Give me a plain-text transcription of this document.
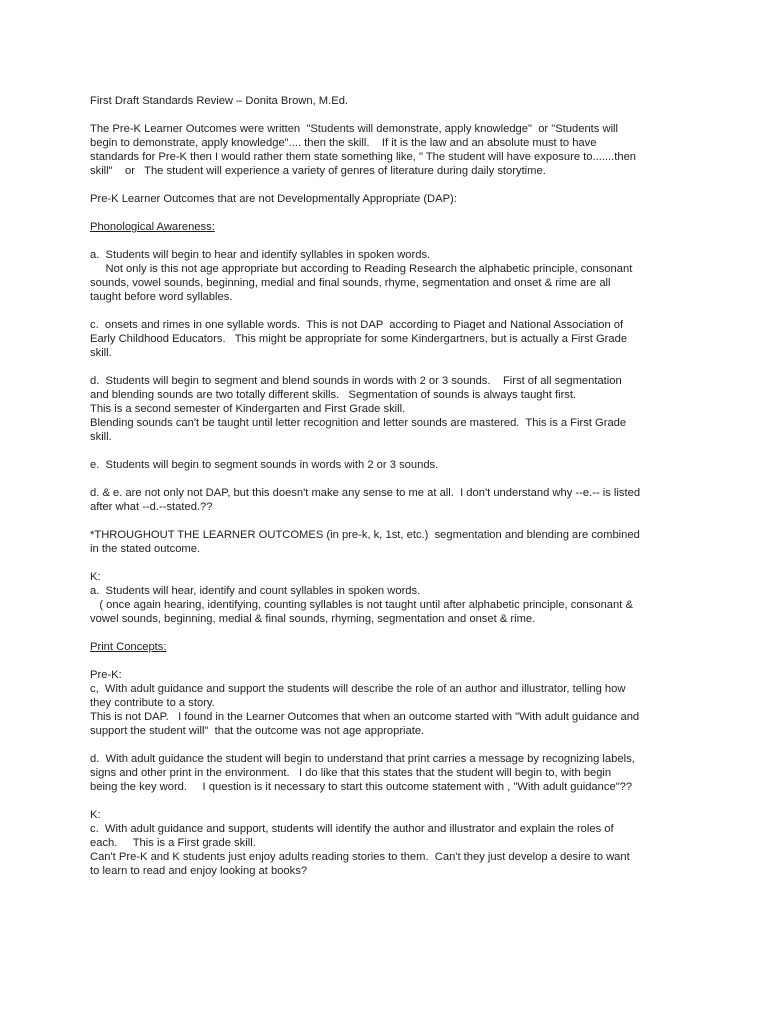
First Draft Standards Review – Donita Brown, M.Ed.
The Pre-K Learner Outcomes were written  "Students will demonstrate, apply knowledge"  or "Students will
begin to demonstrate, apply knowledge".... then the skill.    If it is the law and an absolute must to have
standards for Pre-K then I would rather them state something like, " The student will have exposure to.......then
skill"    or   The student will experience a variety of genres of literature during daily storytime.
Pre-K Learner Outcomes that are not Developmentally Appropriate (DAP):
Phonological Awareness:
a.  Students will begin to hear and identify syllables in spoken words.
Not only is this not age appropriate but according to Reading Research the alphabetic principle, consonant
sounds, vowel sounds, beginning, medial and final sounds, rhyme, segmentation and onset & rime are all
taught before word syllables.
c.  onsets and rimes in one syllable words.  This is not DAP  according to Piaget and National Association of
Early Childhood Educators.   This might be appropriate for some Kindergartners, but is actually a First Grade
skill.
d.  Students will begin to segment and blend sounds in words with 2 or 3 sounds.    First of all segmentation
and blending sounds are two totally different skills.   Segmentation of sounds is always taught first.
This is a second semester of Kindergarten and First Grade skill.
Blending sounds can't be taught until letter recognition and letter sounds are mastered.  This is a First Grade
skill.
e.  Students will begin to segment sounds in words with 2 or 3 sounds.
d. & e. are not only not DAP, but this doesn't make any sense to me at all.  I don't understand why --e.-- is listed
after what --d.--stated.??
*THROUGHOUT THE LEARNER OUTCOMES (in pre-k, k, 1st, etc.)  segmentation and blending are combined
in the stated outcome.
K:
a.  Students will hear, identify and count syllables in spoken words.
( once again hearing, identifying, counting syllables is not taught until after alphabetic principle, consonant &
vowel sounds, beginning, medial & final sounds, rhyming, segmentation and onset & rime.
Print Concepts:
Pre-K:
c,  With adult guidance and support the students will describe the role of an author and illustrator, telling how
they contribute to a story.
This is not DAP.   I found in the Learner Outcomes that when an outcome started with "With adult guidance and
support the student will"  that the outcome was not age appropriate.
d.  With adult guidance the student will begin to understand that print carries a message by recognizing labels,
signs and other print in the environment.   I do like that this states that the student will begin to, with begin
being the key word.     I question is it necessary to start this outcome statement with , "With adult guidance"??
K:
c.  With adult guidance and support, students will identify the author and illustrator and explain the roles of
each.     This is a First grade skill.
Can't Pre-K and K students just enjoy adults reading stories to them.  Can't they just develop a desire to want
to learn to read and enjoy looking at books?
